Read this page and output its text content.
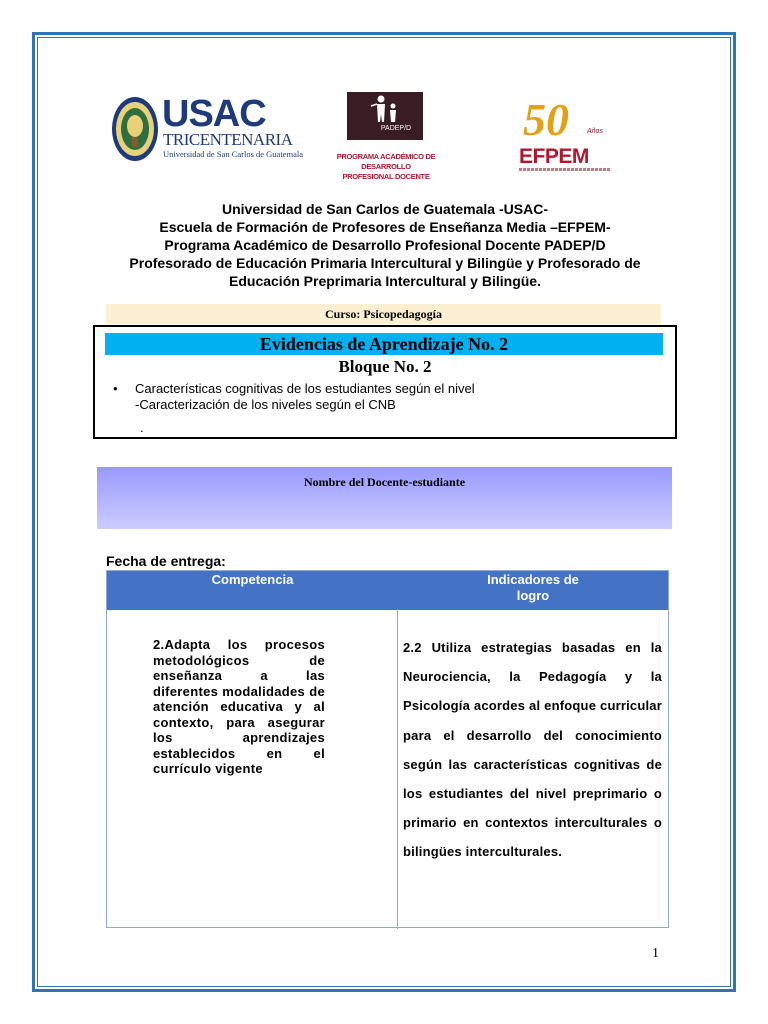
USAC
TRICENTENARIA
Universidad de San Carlos de Guatemala
PADEP/D
PROGRAMA ACADÉMICO DE DESARROLLO PROFESIONAL DOCENTE
50	Años
EFPEM
Universidad de San Carlos de Guatemala -USAC-
Escuela de Formación de Profesores de Enseñanza Media –EFPEM-
Programa Académico de Desarrollo Profesional Docente PADEP/D
Profesorado de Educación Primaria Intercultural y Bilingüe y Profesorado de
Educación Preprimaria Intercultural y Bilingüe.
Curso: Psicopedagogía
Evidencias de Aprendizaje No. 2
Bloque No. 2
• Características cognitivas de los estudiantes según el nivel
-Caracterización de los niveles según el CNB
.
Nombre del Docente-estudiante
Fecha de entrega:
Competencia	Indicadores de
logro
2.Adapta los procesos metodológicos de enseñanza a las diferentes modalidades de atención educativa y al contexto, para asegurar los aprendizajes establecidos en el currículo vigente
2.2 Utiliza estrategias basadas en la Neurociencia, la Pedagogía y la Psicología acordes al enfoque curricular para el desarrollo del conocimiento según las características cognitivas de los estudiantes del nivel preprimario o primario en contextos interculturales o bilingües interculturales.
1
